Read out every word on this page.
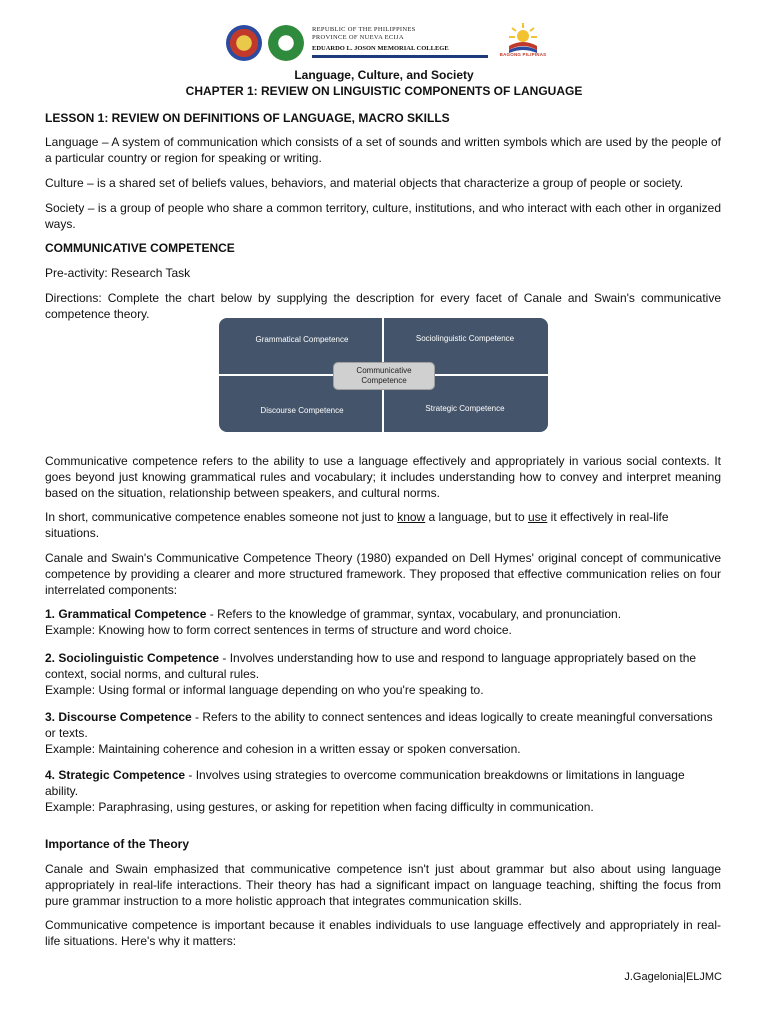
REPUBLIC OF THE PHILIPPINES
PROVINCE OF NUEVA ECIJA
EDUARDO L. JOSON MEMORIAL COLLEGE
BAGONG PILIPINAS
Language, Culture, and Society
CHAPTER 1: REVIEW ON LINGUISTIC COMPONENTS OF LANGUAGE
LESSON 1: REVIEW ON DEFINITIONS OF LANGUAGE, MACRO SKILLS
Language – A system of communication which consists of a set of sounds and written symbols which are used by the people of a particular country or region for speaking or writing.
Culture – is a shared set of beliefs values, behaviors, and material objects that characterize a group of people or society.
Society – is a group of people who share a common territory, culture, institutions, and who interact with each other in organized ways.
COMMUNICATIVE COMPETENCE
Pre-activity: Research Task
Directions: Complete the chart below by supplying the description for every facet of Canale and Swain's communicative competence theory.
Grammatical Competence	Sociolinguistic Competence
Discourse Competence	Strategic Competence
Communicative Competence
Communicative competence refers to the ability to use a language effectively and appropriately in various social contexts. It goes beyond just knowing grammatical rules and vocabulary; it includes understanding how to convey and interpret meaning based on the situation, relationship between speakers, and cultural norms.
In short, communicative competence enables someone not just to know a language, but to use it effectively in real-life situations.
Canale and Swain's Communicative Competence Theory (1980) expanded on Dell Hymes' original concept of communicative competence by providing a clearer and more structured framework. They proposed that effective communication relies on four interrelated components:
1. Grammatical Competence - Refers to the knowledge of grammar, syntax, vocabulary, and pronunciation.
Example: Knowing how to form correct sentences in terms of structure and word choice.
2. Sociolinguistic Competence - Involves understanding how to use and respond to language appropriately based on the context, social norms, and cultural rules.
Example: Using formal or informal language depending on who you're speaking to.
3. Discourse Competence - Refers to the ability to connect sentences and ideas logically to create meaningful conversations or texts.
Example: Maintaining coherence and cohesion in a written essay or spoken conversation.
4. Strategic Competence - Involves using strategies to overcome communication breakdowns or limitations in language ability.
Example: Paraphrasing, using gestures, or asking for repetition when facing difficulty in communication.
Importance of the Theory
Canale and Swain emphasized that communicative competence isn't just about grammar but also about using language appropriately in real-life interactions. Their theory has had a significant impact on language teaching, shifting the focus from pure grammar instruction to a more holistic approach that integrates communication skills.
Communicative competence is important because it enables individuals to use language effectively and appropriately in real-life situations. Here's why it matters:
J.Gagelonia|ELJMC
